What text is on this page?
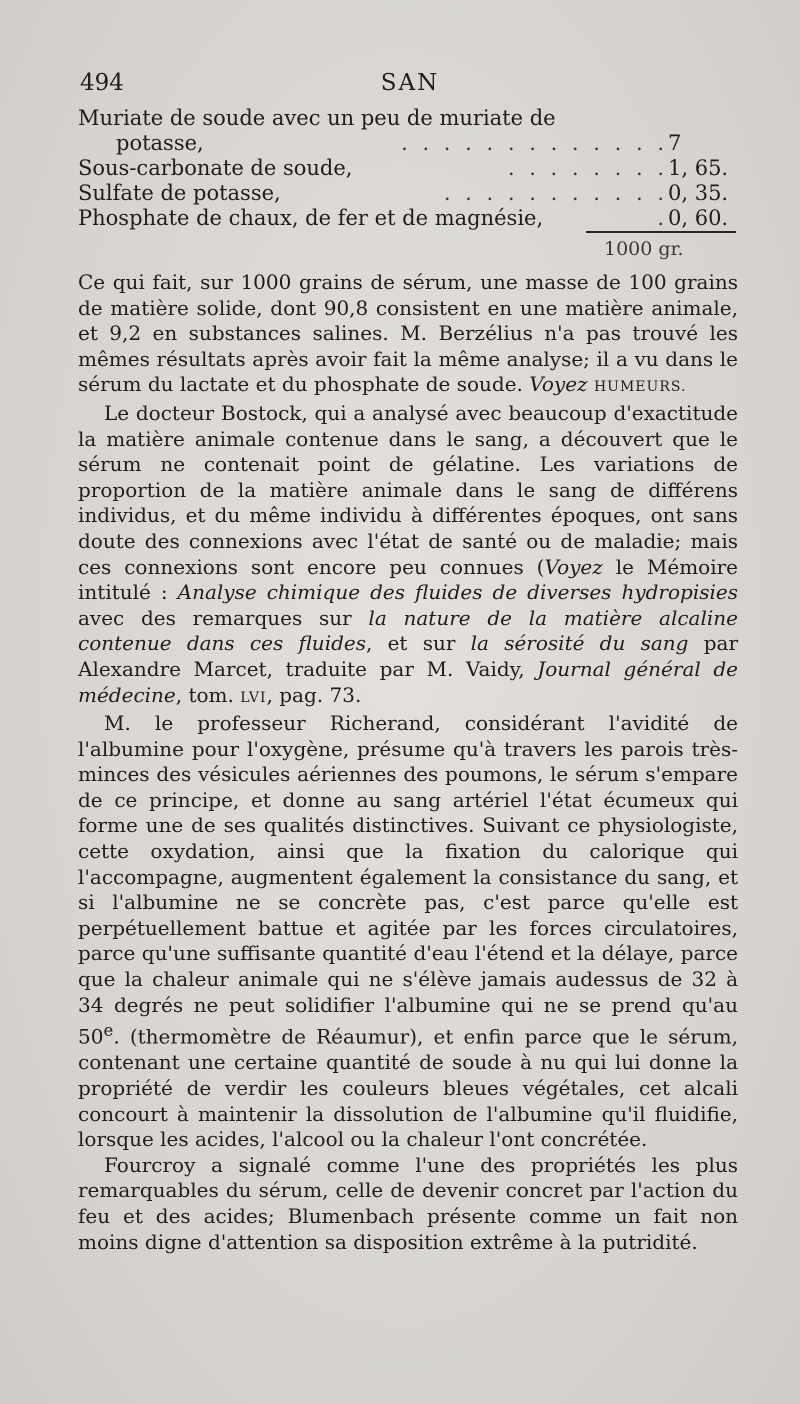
494	SAN
Muriate de soude avec un peu de muriate de
potasse,	. . . . . . . . . . . . . 7
Sous-carbonate de soude,	. . . . . . . . 1, 65.
Sulfate de potasse,	. . . . . . . . . . . 0, 35.
Phosphate de chaux, de fer et de magnésie,	. 0, 60.
1000 gr.

Ce qui fait, sur 1000 grains de sérum, une masse de 100 grains de matière solide, dont 90,8 consistent en une matière animale, et 9,2 en substances salines. M. Berzélius n'a pas trouvé les mêmes résultats après avoir fait la même analyse; il a vu dans le sérum du lactate et du phosphate de soude. Voyez HUMEURS.

Le docteur Bostock, qui a analysé avec beaucoup d'exactitude la matière animale contenue dans le sang, a découvert que le sérum ne contenait point de gélatine. Les variations de proportion de la matière animale dans le sang de différens individus, et du même individu à différentes époques, ont sans doute des connexions avec l'état de santé ou de maladie; mais ces connexions sont encore peu connues (Voyez le Mémoire intitulé : Analyse chimique des fluides de diverses hydropisies avec des remarques sur la nature de la matière alcaline contenue dans ces fluides, et sur la sérosité du sang par Alexandre Marcet, traduite par M. Vaidy, Journal général de médecine, tom. LVI, pag. 73.

M. le professeur Richerand, considérant l'avidité de l'albumine pour l'oxygène, présume qu'à travers les parois très-minces des vésicules aériennes des poumons, le sérum s'empare de ce principe, et donne au sang artériel l'état écumeux qui forme une de ses qualités distinctives. Suivant ce physiologiste, cette oxydation, ainsi que la fixation du calorique qui l'accompagne, augmentent également la consistance du sang, et si l'albumine ne se concrète pas, c'est parce qu'elle est perpétuellement battue et agitée par les forces circulatoires, parce qu'une suffisante quantité d'eau l'étend et la délaye, parce que la chaleur animale qui ne s'élève jamais audessus de 32 à 34 degrés ne peut solidifier l'albumine qui ne se prend qu'au 50e. (thermomètre de Réaumur), et enfin parce que le sérum, contenant une certaine quantité de soude à nu qui lui donne la propriété de verdir les couleurs bleues végétales, cet alcali concourt à maintenir la dissolution de l'albumine qu'il fluidifie, lorsque les acides, l'alcool ou la chaleur l'ont concrétée.

Fourcroy a signalé comme l'une des propriétés les plus remarquables du sérum, celle de devenir concret par l'action du feu et des acides; Blumenbach présente comme un fait non moins digne d'attention sa disposition extrême à la putridité.
